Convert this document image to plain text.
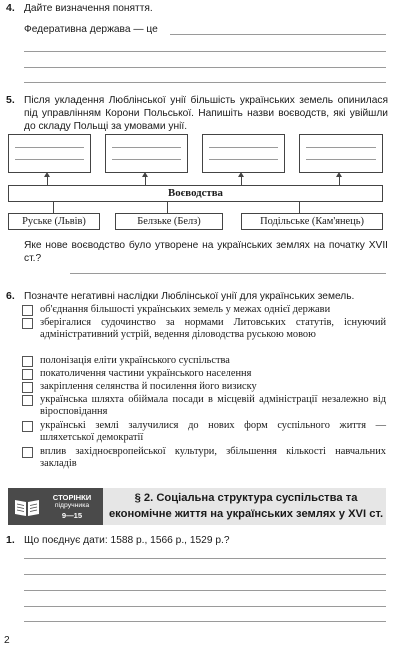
4. Дайте визначення поняття.
Федеративна держава — це
5. Після укладення Люблінської унії більшість українських земель опинилася під управлінням Корони Польської. Напишіть назви воєводств, які увійшли до складу Польщі за умовами унії.
Воєводства
Руське (Львів)	Белзьке (Белз)	Подільське (Кам'янець)
Яке нове воєводство було утворене на українських землях на початку XVII ст.?
6. Позначте негативні наслідки Люблінської унії для українських земель.
об'єднання більшості українських земель у межах однієї держави
зберігалися судочинство за нормами Литовських статутів, існуючий адміністративний устрій, ведення діловодства руською мовою
полонізація еліти українського суспільства
покатоличення частини українського населення
закріплення селянства й посилення його визиску
українська шляхта обіймала посади в місцевій адміністрації незалежно від віросповідання
українські землі залучилися до нових форм суспільного життя — шляхетської демократії
вплив західноєвропейської культури, збільшення кількості навчальних закладів
СТОРІНКИ
підручника
9—15
§ 2. Соціальна структура суспільства та
економічне життя на українських землях у XVI ст.
1. Що поєднує дати: 1588 р., 1566 р., 1529 р.?
2
